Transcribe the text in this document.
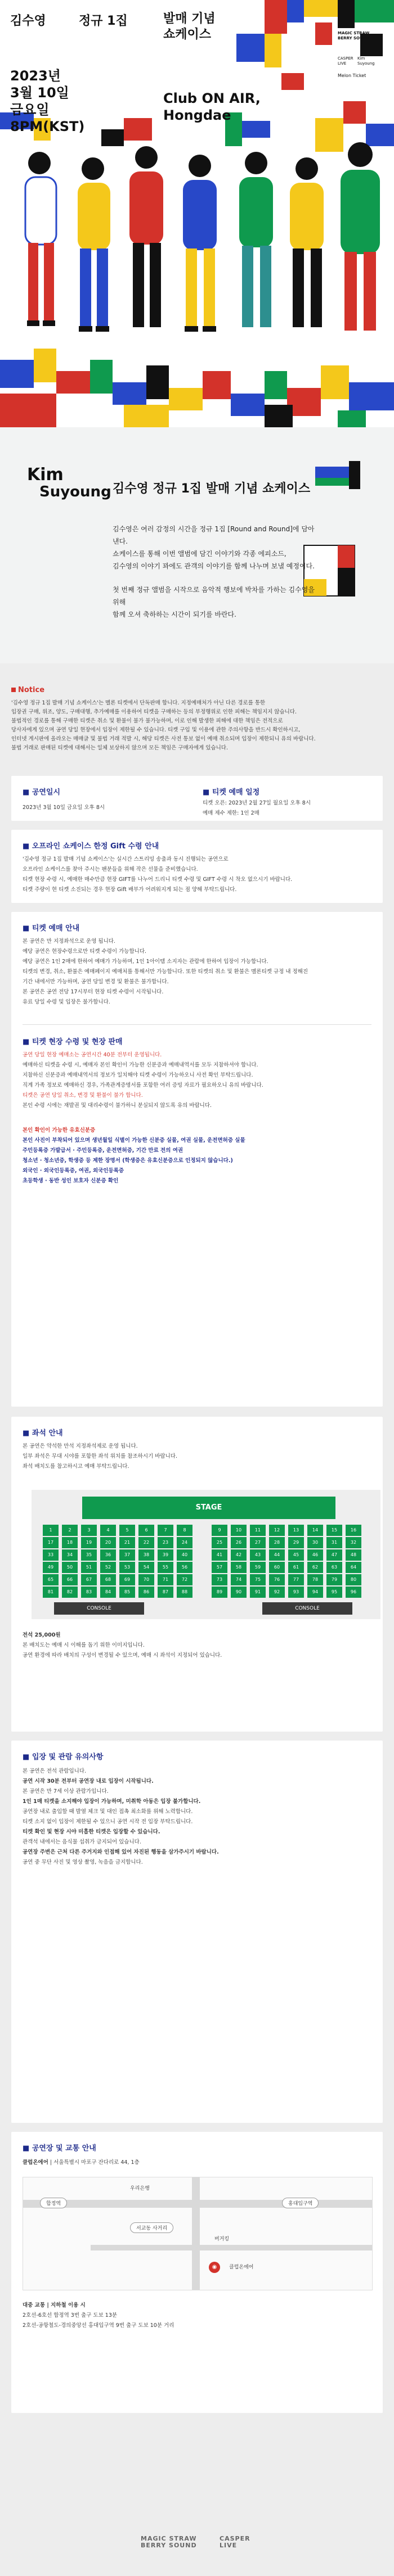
김수영	정규 1집	발매 기념
쇼케이스
2023년
3월 10일
금요일
8PM(KST)
Club ON AIR,
Hongdae
MAGIC STRAW
BERRY SOUND
CASPER
LIVE
Kim
Suyoung
Melon Ticket
Kim
Suyoung 김수영 정규 1집 발매 기념 쇼케이스

김수영은 여러 감정의 시간을 정규 1집 [Round and Round]에 담아낸다.
쇼케이스를 통해 이번 앨범에 담긴 이야기와 각종 에피소드,
김수영의 이야기 꽈에도 관객의 이야기를 함께 나누며 보낼 예정이다.

첫 번째 정규 앨범을 시작으로 음악적 행보에 박차를 가하는 김수영을 위해
함께 오셔 축하하는 시간이 되기를 바란다.

Notice
'김수영 정규 1집 발매 기념 쇼케이스'는 멜론 티켓에서 단독판매 합니다. 지정예매처가 아닌 다른 경로를 통한
입장권 구매, 위조, 양도, 구매대행, 추가예매를 이용하여 티켓을 구매하는 등의 부정행위로 인한 피해는 책임지지 않습니다.
불법적인 경로를 통해 구매한 티켓은 취소 및 환불이 불가 불가능하며, 이로 인해 발생한 피해에 대한 책임은 전적으로
당사자에게 있으며 공연 당일 현장에서 입장이 제한될 수 있습니다. 티켓 구입 및 이용에 관한 주의사항을 반드시 확인하시고,
인터넷 게시판에 올라오는 매매글 및 불법 거래 적발 시, 해당 티켓은 사전 통보 없이 예매 취소되며 입장이 제한되니 유의 바랍니다.
불법 거래로 판매된 티켓에 대해서는 일체 보상하지 않으며 모든 책임은 구매자에게 있습니다.
■ 공연일시
2023년 3월 10일 금요일 오후 8시
■ 티켓 예매 일정
티켓 오픈: 2023년 2월 27일 월요일 오후 8시
예매 제수 제한: 1인 2매
■ 오프라인 쇼케이스 한정 Gift 수령 안내
'김수영 정규 1집 발매 기념 쇼케이스'는 실시간 스트리밍 송출과 동시 진행되는 공연으로
오프라인 쇼케이스를 찾아 주시는 팬분들을 위해 작은 선물을 준비했습니다.
티켓 현장 수령 시, 예매한 매수만큼 현장 GIFT를 나누어 드리니 티켓 수령 및 GIFT 수령 시 착오 없으시기 바랍니다.
티켓 주량이 현 티켓 소진되는 경우 현장 Gift 배부가 어려워지게 되는 점 양해 부탁드립니다.
■ 티켓 예매 안내
본 공연은 만 지정좌석으로 운영 됩니다.
예당 공연은 현장수령으로만 티켓 수령이 가능합니다.
예당 공연은 1인 2매에 한하여 예매가 가능하며, 1인 1아이템 소지자는 관람에 한하여 입장이 가능합니다.
티켓의 변경, 취소, 환불은 예매페이지 예매처를 통해서만 가능합니다. 또한 티켓의 취소 및 환불은 멜론티켓 규정 내 정해진
기간 내에서만 가능하며, 공연 당일 변경 및 환불은 불가합니다.
본 공연은 공연 전당 17시부터 현장 티켓 수령이 시작됩니다.
유료 당일 수령 및 입장은 불가합니다.
■ 티켓 현장 수령 및 현장 판매
공연 당일 현장 예매소는 공연시간 40분 전부터 운영됩니다.
예매하신 티켓을 수령 시, 예매자 본인 확인이 가능한 신분증과 예매내역서를 모두 지참하셔야 합니다.
지참하신 신분증과 예매내역서의 정보가 일치해야 티켓 수령이 가능하오니 사전 확인 부탁드립니다.
직계 가족 정보로 예매하신 경우, 가족관계증명서를 포함한 여러 증빙 자료가 필요하오니 유의 바랍니다.
티켓은 공연 당일 취소, 변경 및 환불이 불가 합니다.
본인 수령 시에는 재발권 및 대리수령이 불가하니 분실되지 않도록 유의 바랍니다.
본인 확인이 가능한 유효신분증
본인 사진이 부착되어 있으며 생년월일 식별이 가능한 신분증 실물, 여권 실물, 운전면허증 실물
주민등록증 가발급서 · 주민등록증, 운전면허증, 기간 만료 전의 여권
청소년 · 청소년증, 학생증 등 제한 장명서 (학생증은 유효신분증으로 인정되지 않습니다.)
외국인 · 외국인등록증, 여권, 외국인등록증
초등학생 · 동반 성인 보호자 신분증 확인
■ 좌석 안내
본 공연은 약석한 만석 지정좌석제로 운영 됩니다.
일부 좌석은 무대 시야를 포함한 좌석 위치를 참조하시기 바랍니다.
좌석 배치도를 참고하시고 예매 부탁드립니다.
STAGE
1	2	3	4	5	6	7	8	9	10	11	12	13	14	15	16
17	18	19	20	21	22	23	24	25	26	27	28	29	30	31	32
33	34	35	36	37	38	39	40	41	42	43	44	45	46	47	48
49	50	51	52	53	54	55	56	57	58	59	60	61	62	63	64
65	66	67	68	69	70	71	72	73	74	75	76	77	78	79	80
81	82	83	84	85	86	87	88	89	90	91	92	93	94	95	96
CONSOLE	CONSOLE
전석 25,000원
본 배치도는 예매 시 이해를 돕기 위한 이미지입니다.
공연 환경에 따라 배치의 구성이 변경될 수 있으며, 예매 시 좌석이 지정되어 있습니다.
■ 입장 및 관람 유의사항
본 공연은 전석 관람입니다.
공연 시작 30분 전부터 공연장 내로 입장이 시작됩니다.
본 공연은 만 7세 이상 관람가입니다.
1인 1매 티켓을 소지해야 입장이 가능하며, 미취학 아동은 입장 불가합니다.
공연장 내로 출입할 때 발열 체크 및 대인 접촉 최소화를 위해 노력합니다.
티켓 소지 없이 입장이 제한될 수 있으니 공연 시작 전 입장 부탁드립니다.
티켓 확인 및 현장 시야 미흡한 티켓은 입장할 수 있습니다.
관객석 내에서는 음식물 섭취가 금지되어 있습니다.
공연장 주변은 근처 다른 주거지와 인접해 있어 자진된 행동을 삼가주시기 바랍니다.
공연 중 무단 사진 및 영상 촬영, 녹음을 금지합니다.
■ 공연장 및 교통 안내
클럽온에어 | 서울특별시 마포구 잔다리로 44, 1층
합정역	홍대입구역
우리은행
서교동 사거리
버거킹
◉	클럽온에어
대중 교통 | 지하철 이용 시
2호선-6호선 합정역 3번 출구 도보 13분
2호선-공항철도-경의중앙선 홍대입구역 9번 출구 도보 10분 거리
MAGIC STRAW
BERRY SOUND
CASPER
LIVE
